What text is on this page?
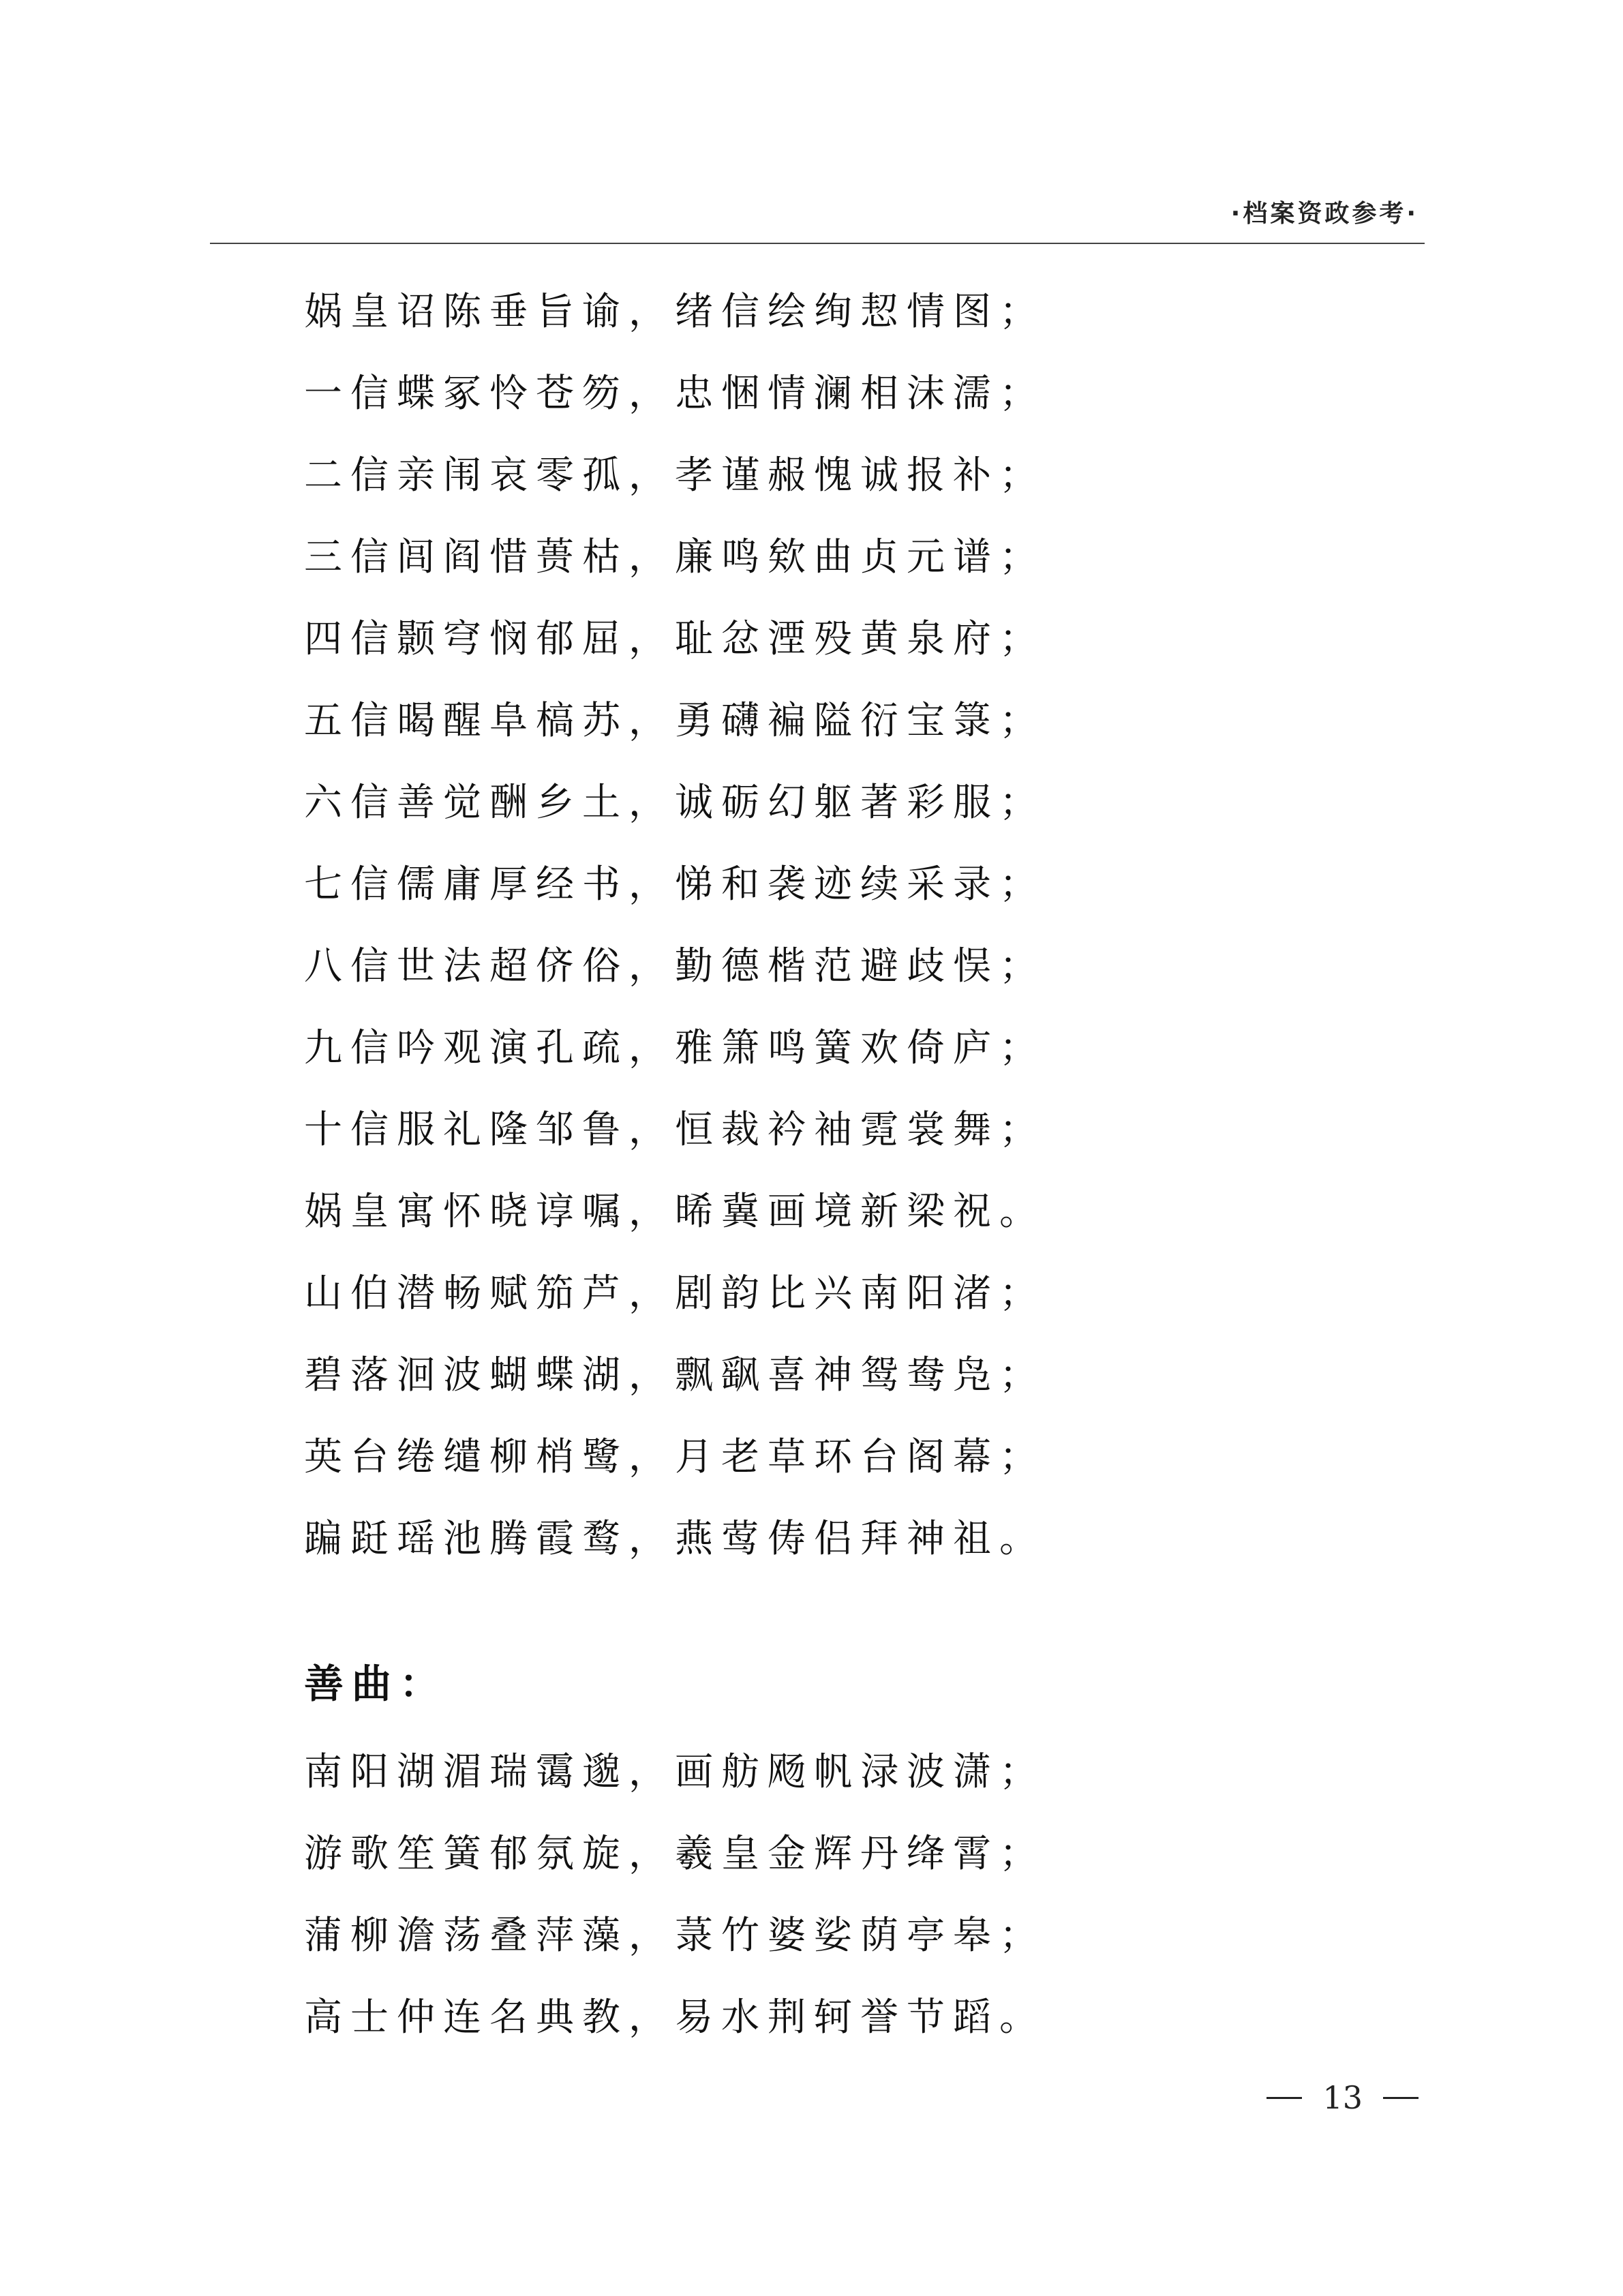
·档案资政参考·
娲皇诏陈垂旨谕，绪信绘绚恝情图；
一信蝶冢怜苍笏，忠悃情澜相沫濡；
二信亲闱哀零孤，孝谨赧愧诚报补；
三信闾阎惜蒉枯，廉鸣欸曲贞元谱；
四信颢穹悯郁屈，耻忿湮殁黄泉府；
五信暍醒阜槁苏，勇礴褊隘衍宝箓；
六信善觉酬乡土，诚砺幻躯著彩服；
七信儒庸厚经书，悌和袭迹续采录；
八信世法超侪俗，勤德楷范避歧悮；
九信吟观演孔疏，雅箫鸣簧欢倚庐；
十信服礼隆邹鲁，恒裁衿袖霓裳舞；
娲皇寓怀晓谆嘱，晞冀画境新梁祝。
山伯潜畅赋笳芦，剧韵比兴南阳渚；
碧落洄波蝴蝶湖，飘飖喜神鸳鸯凫；
英台绻缱柳梢鹭，月老草环台阁幕；
蹁跹瑶池腾霞鹜，燕莺俦侣拜神祖。
善曲：
南阳湖湄瑞霭邈，画舫飏帆渌波潇；
游歌笙簧郁氛旋，羲皇金辉丹绛霄；
蒲柳澹荡叠萍藻，菉竹婆娑荫亭皋；
高士仲连名典教，易水荆轲誉节蹈。
13
